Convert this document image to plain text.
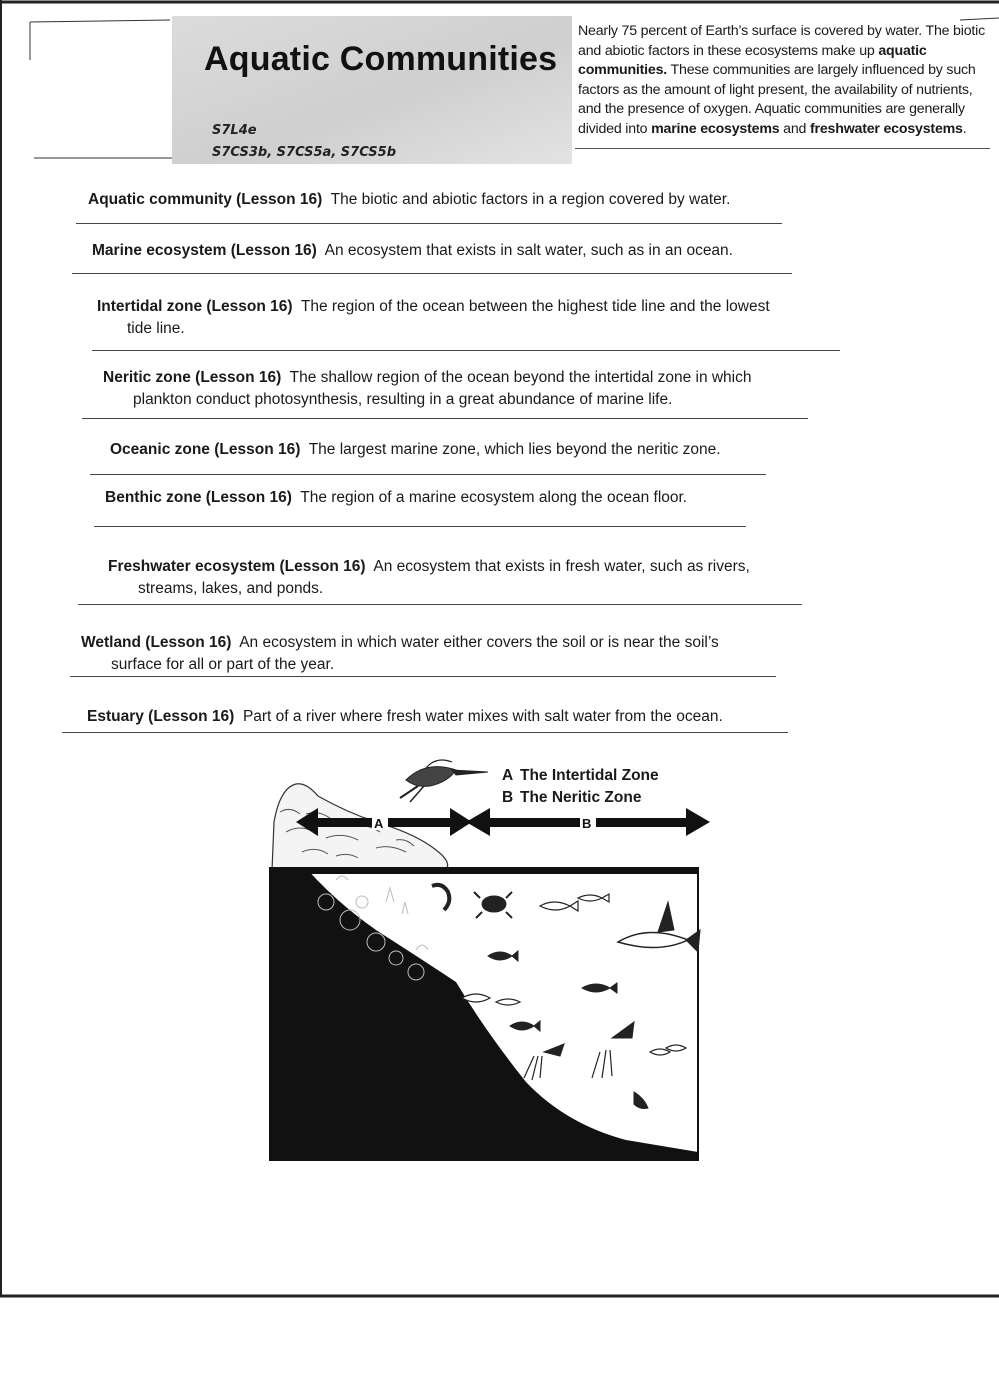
Aquatic Communities
S7L4e
S7CS3b, S7CS5a, S7CS5b
Nearly 75 percent of Earth’s surface is covered by water. The biotic and abiotic factors in these ecosystems make up aquatic communities. These communities are largely influenced by such factors as the amount of light present, the availability of nutrients, and the presence of oxygen. Aquatic communities are generally divided into marine ecosystems and freshwater ecosystems.
Aquatic community (Lesson 16) The biotic and abiotic factors in a region covered by water.
Marine ecosystem (Lesson 16) An ecosystem that exists in salt water, such as in an ocean.
Intertidal zone (Lesson 16) The region of the ocean between the highest tide line and the lowest
tide line.
Neritic zone (Lesson 16) The shallow region of the ocean beyond the intertidal zone in which
plankton conduct photosynthesis, resulting in a great abundance of marine life.
Oceanic zone (Lesson 16) The largest marine zone, which lies beyond the neritic zone.
Benthic zone (Lesson 16) The region of a marine ecosystem along the ocean floor.
Freshwater ecosystem (Lesson 16) An ecosystem that exists in fresh water, such as rivers,
streams, lakes, and ponds.
Wetland (Lesson 16) An ecosystem in which water either covers the soil or is near the soil’s
surface for all or part of the year.
Estuary (Lesson 16) Part of a river where fresh water mixes with salt water from the ocean.
A The Intertidal Zone
B The Neritic Zone
A	B
